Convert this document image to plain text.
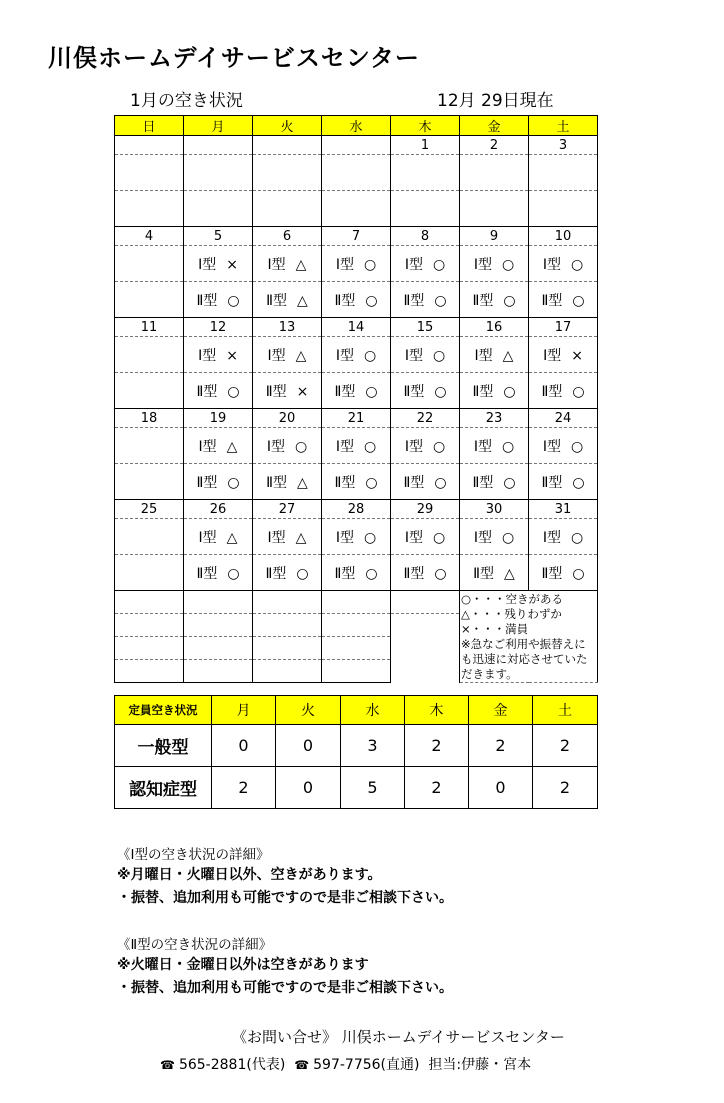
川俣ホームデイサービスセンター
1月の空き状況	12月 29日現在
日	月	火	水	木	金	土
				1	2	3

4	5	6	7	8	9	10
	Ⅰ型 ×	Ⅰ型 △	Ⅰ型 ○	Ⅰ型 ○	Ⅰ型 ○	Ⅰ型 ○
	Ⅱ型 ○	Ⅱ型 △	Ⅱ型 ○	Ⅱ型 ○	Ⅱ型 ○	Ⅱ型 ○
11	12	13	14	15	16	17
	Ⅰ型 ×	Ⅰ型 △	Ⅰ型 ○	Ⅰ型 ○	Ⅰ型 △	Ⅰ型 ×
	Ⅱ型 ○	Ⅱ型 ×	Ⅱ型 ○	Ⅱ型 ○	Ⅱ型 ○	Ⅱ型 ○
18	19	20	21	22	23	24
	Ⅰ型 △	Ⅰ型 ○	Ⅰ型 ○	Ⅰ型 ○	Ⅰ型 ○	Ⅰ型 ○
	Ⅱ型 ○	Ⅱ型 △	Ⅱ型 ○	Ⅱ型 ○	Ⅱ型 ○	Ⅱ型 ○
25	26	27	28	29	30	31
	Ⅰ型 △	Ⅰ型 △	Ⅰ型 ○	Ⅰ型 ○	Ⅰ型 ○	Ⅰ型 ○
	Ⅱ型 ○	Ⅱ型 ○	Ⅱ型 ○	Ⅱ型 ○	Ⅱ型 △	Ⅱ型 ○

					○・・・空きがある
△・・・残りわずか
×・・・満員
※急なご利用や振替えにも迅速に対応させていただきます。	

定員空き状況	月	火	水	木	金	土
一般型	0	0	3	2	2	2
認知症型	2	0	5	2	0	2
《Ⅰ型の空き状況の詳細》
※月曜日・火曜日以外、空きがあります。
・振替、追加利用も可能ですので是非ご相談下さい。
《Ⅱ型の空き状況の詳細》
※火曜日・金曜日以外は空きがあります
・振替、追加利用も可能ですので是非ご相談下さい。
《お問い合せ》 川俣ホームデイサービスセンター
☎ 565-2881(代表) ☎ 597-7756(直通) 担当:伊藤・宮本
